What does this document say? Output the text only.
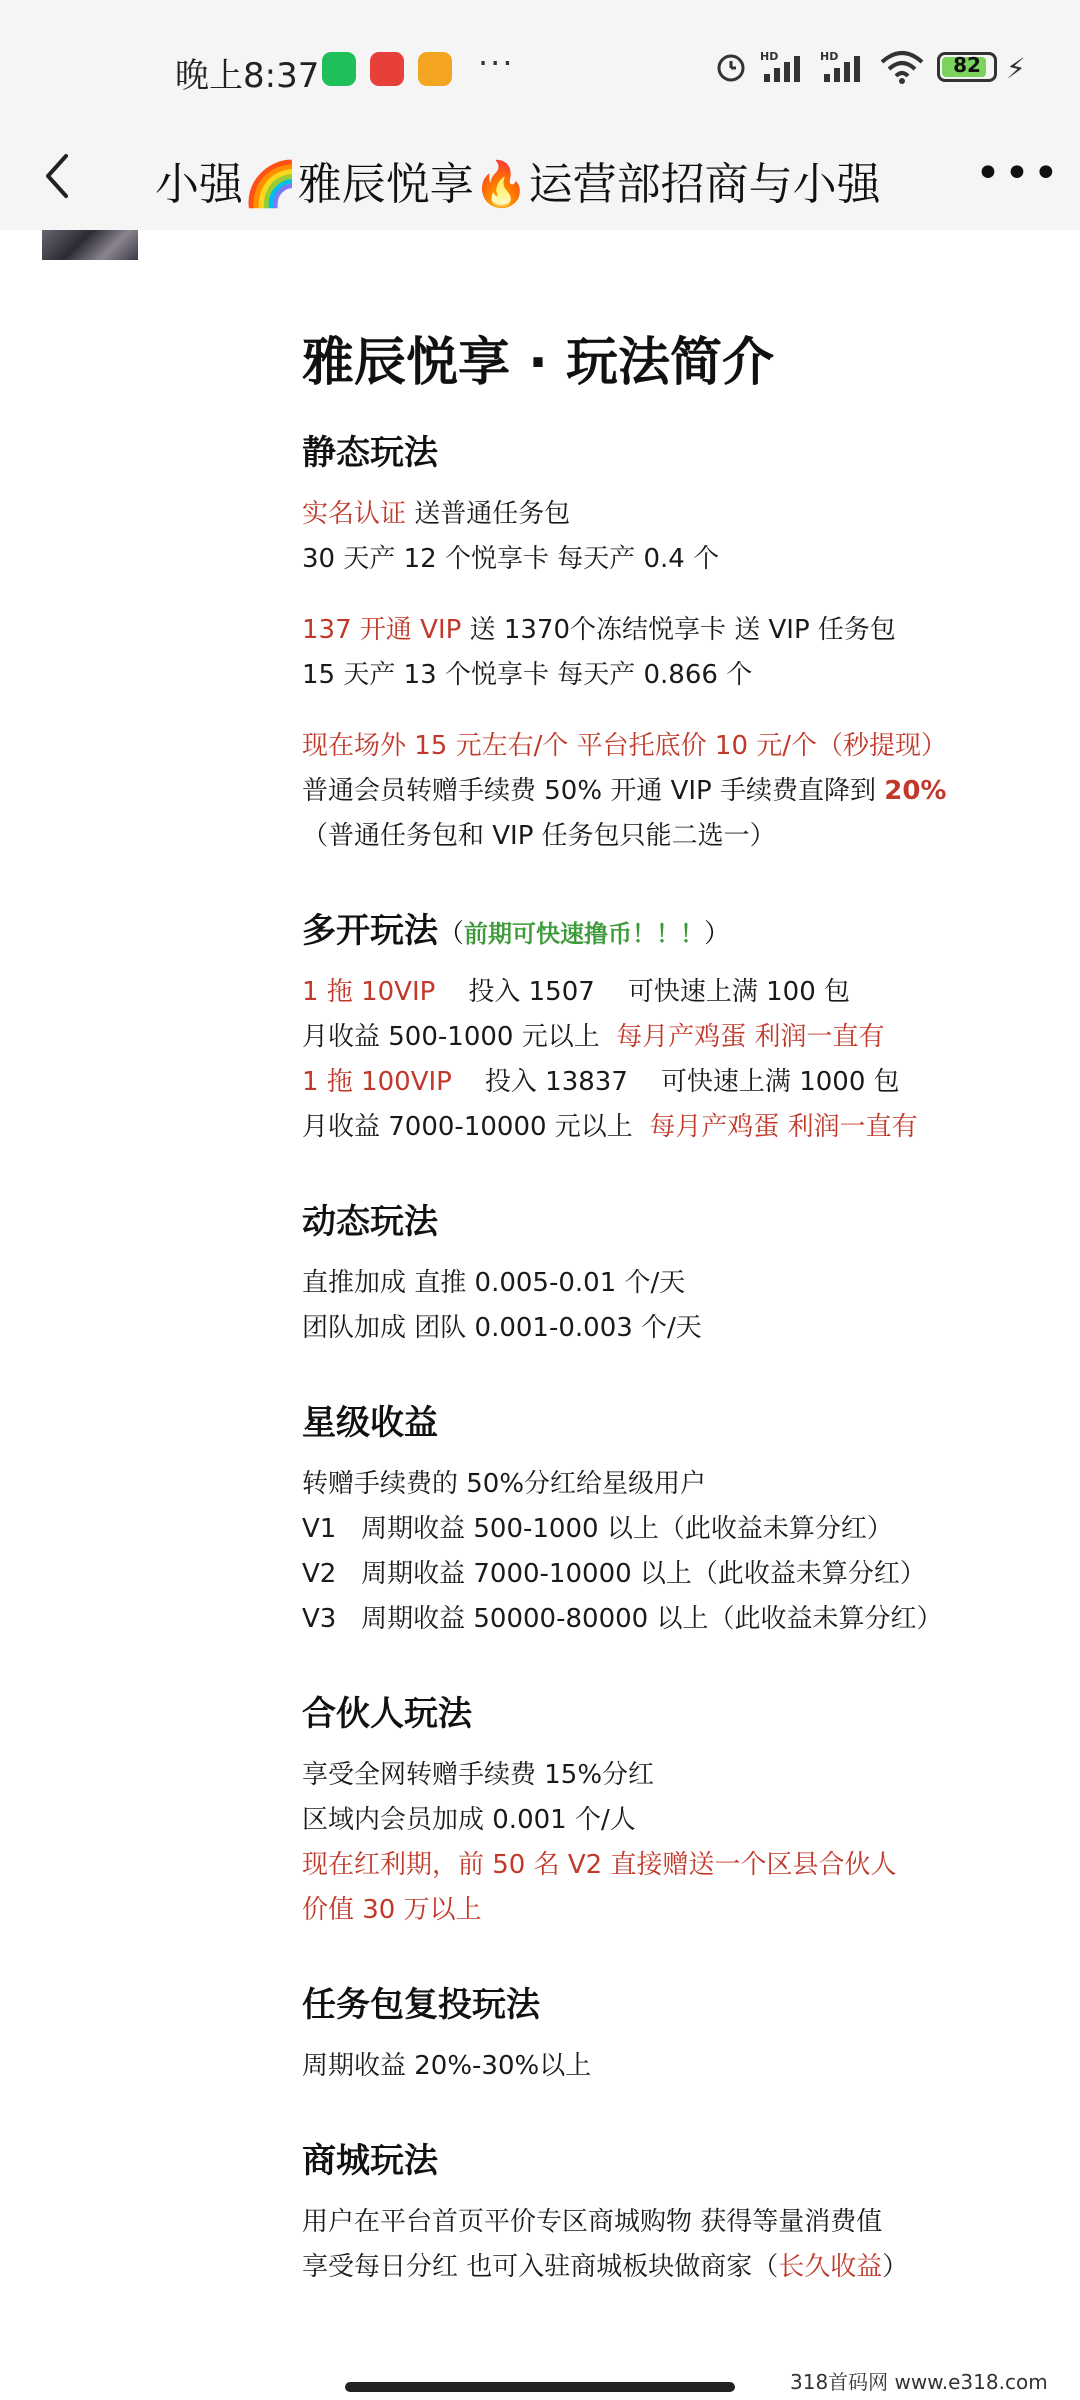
晚上8:37	···	HD	HD	82 ⚡
小强🌈雅辰悦享🔥运营部招商与小强 •••
雅辰悦享 · 玩法简介
静态玩法
实名认证 送普通任务包
30 天产 12 个悦享卡 每天产 0.4 个
137 开通 VIP 送 1370个冻结悦享卡 送 VIP 任务包
15 天产 13 个悦享卡 每天产 0.866 个
现在场外 15 元左右/个 平台托底价 10 元/个（秒提现）
普通会员转赠手续费 50% 开通 VIP 手续费直降到 20%
（普通任务包和 VIP 任务包只能二选一）
多开玩法（前期可快速撸币！！！）
1 拖 10VIP    投入 1507    可快速上满 100 包
月收益 500-1000 元以上  每月产鸡蛋 利润一直有
1 拖 100VIP    投入 13837    可快速上满 1000 包
月收益 7000-10000 元以上  每月产鸡蛋 利润一直有
动态玩法
直推加成 直推 0.005-0.01 个/天
团队加成 团队 0.001-0.003 个/天
星级收益
转赠手续费的 50%分红给星级用户
V1   周期收益 500-1000 以上（此收益未算分红）
V2   周期收益 7000-10000 以上（此收益未算分红）
V3   周期收益 50000-80000 以上（此收益未算分红）
合伙人玩法
享受全网转赠手续费 15%分红
区域内会员加成 0.001 个/人
现在红利期，前 50 名 V2 直接赠送一个区县合伙人
价值 30 万以上
任务包复投玩法
周期收益 20%-30%以上
商城玩法
用户在平台首页平价专区商城购物 获得等量消费值
享受每日分红 也可入驻商城板块做商家（长久收益）
318首码网 www.e318.com
